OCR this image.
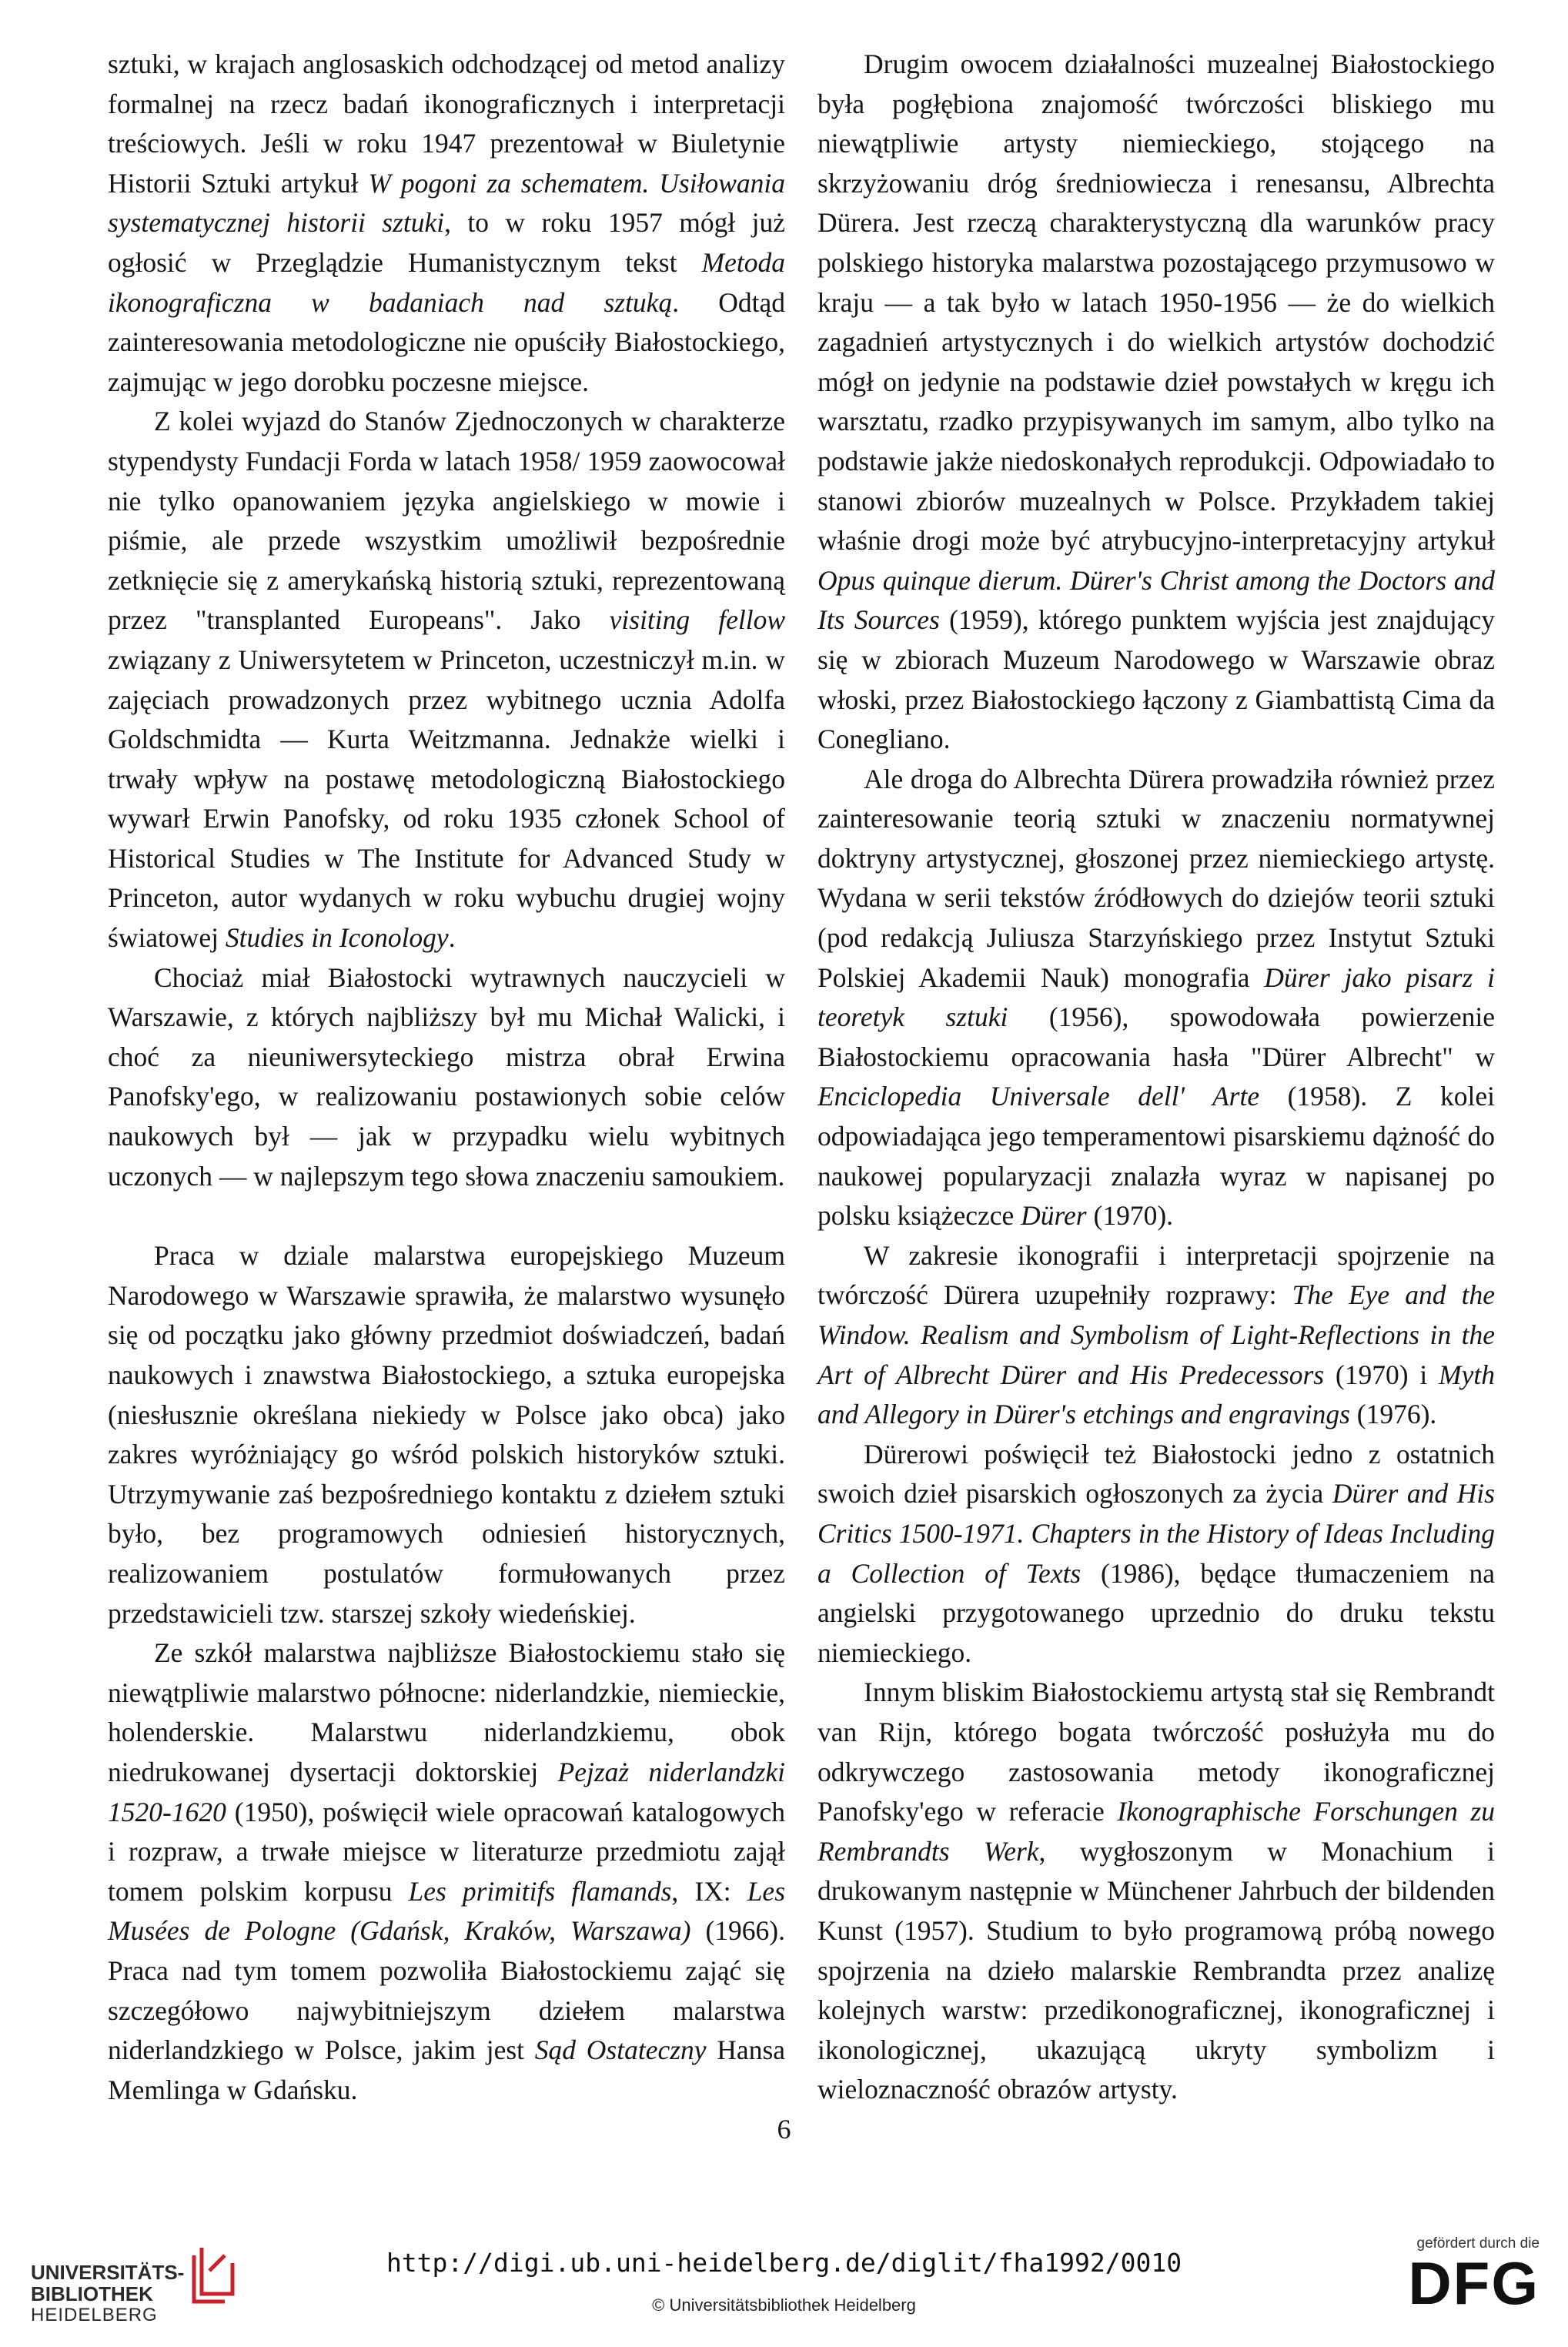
sztuki, w krajach anglosaskich odchodzącej od metod analizy formalnej na rzecz badań ikonograficznych i interpretacji treściowych. Jeśli w roku 1947 prezentował w Biuletynie Historii Sztuki artykuł W pogoni za schematem. Usiłowania systematycznej historii sztuki, to w roku 1957 mógł już ogłosić w Przeglądzie Humanistycznym tekst Metoda ikonograficzna w badaniach nad sztuką. Odtąd zainteresowania metodologiczne nie opuściły Białostockiego, zajmując w jego dorobku poczesne miejsce.

Z kolei wyjazd do Stanów Zjednoczonych w charakterze stypendysty Fundacji Forda w latach 1958/ 1959 zaowocował nie tylko opanowaniem języka angielskiego w mowie i piśmie, ale przede wszystkim umożliwił bezpośrednie zetknięcie się z amerykańską historią sztuki, reprezentowaną przez "transplanted Europeans". Jako visiting fellow związany z Uniwersytetem w Princeton, uczestniczył m.in. w zajęciach prowadzonych przez wybitnego ucznia Adolfa Goldschmidta — Kurta Weitzmanna. Jednakże wielki i trwały wpływ na postawę metodologiczną Białostockiego wywarł Erwin Panofsky, od roku 1935 członek School of Historical Studies w The Institute for Advanced Study w Princeton, autor wydanych w roku wybuchu drugiej wojny światowej Studies in Iconology.

Chociaż miał Białostocki wytrawnych nauczycieli w Warszawie, z których najbliższy był mu Michał Walicki, i choć za nieuniwersyteckiego mistrza obrał Erwina Panofsky'ego, w realizowaniu postawionych sobie celów naukowych był — jak w przypadku wielu wybitnych uczonych — w najlepszym tego słowa znaczeniu samoukiem.

Praca w dziale malarstwa europejskiego Muzeum Narodowego w Warszawie sprawiła, że malarstwo wysunęło się od początku jako główny przedmiot doświadczeń, badań naukowych i znawstwa Białostockiego, a sztuka europejska (niesłusznie określana niekiedy w Polsce jako obca) jako zakres wyróżniający go wśród polskich historyków sztuki. Utrzymywanie zaś bezpośredniego kontaktu z dziełem sztuki było, bez programowych odniesień historycznych, realizowaniem postulatów formułowanych przez przedstawicieli tzw. starszej szkoły wiedeńskiej.

Ze szkół malarstwa najbliższe Białostockiemu stało się niewątpliwie malarstwo północne: niderlandzkie, niemieckie, holenderskie. Malarstwu niderlandzkiemu, obok niedrukowanej dysertacji doktorskiej Pejzaż niderlandzki 1520-1620 (1950), poświęcił wiele opracowań katalogowych i rozpraw, a trwałe miejsce w literaturze przedmiotu zajął tomem polskim korpusu Les primitifs flamands, IX: Les Musées de Pologne (Gdańsk, Kraków, Warszawa) (1966). Praca nad tym tomem pozwoliła Białostockiemu zająć się szczegółowo najwybitniejszym dziełem malarstwa niderlandzkiego w Polsce, jakim jest Sąd Ostateczny Hansa Memlinga w Gdańsku.

Drugim owocem działalności muzealnej Białostockiego była pogłębiona znajomość twórczości bliskiego mu niewątpliwie artysty niemieckiego, stojącego na skrzyżowaniu dróg średniowiecza i renesansu, Albrechta Dürera. Jest rzeczą charakterystyczną dla warunków pracy polskiego historyka malarstwa pozostającego przymusowo w kraju — a tak było w latach 1950-1956 — że do wielkich zagadnień artystycznych i do wielkich artystów dochodzić mógł on jedynie na podstawie dzieł powstałych w kręgu ich warsztatu, rzadko przypisywanych im samym, albo tylko na podstawie jakże niedoskonałych reprodukcji. Odpowiadało to stanowi zbiorów muzealnych w Polsce. Przykładem takiej właśnie drogi może być atrybucyjno-interpretacyjny artykuł Opus quinque dierum. Dürer's Christ among the Doctors and Its Sources (1959), którego punktem wyjścia jest znajdujący się w zbiorach Muzeum Narodowego w Warszawie obraz włoski, przez Białostockiego łączony z Giambattistą Cima da Conegliano.

Ale droga do Albrechta Dürera prowadziła również przez zainteresowanie teorią sztuki w znaczeniu normatywnej doktryny artystycznej, głoszonej przez niemieckiego artystę. Wydana w serii tekstów źródłowych do dziejów teorii sztuki (pod redakcją Juliusza Starzyńskiego przez Instytut Sztuki Polskiej Akademii Nauk) monografia Dürer jako pisarz i teoretyk sztuki (1956), spowodowała powierzenie Białostockiemu opracowania hasła "Dürer Albrecht" w Enciclopedia Universale dell' Arte (1958). Z kolei odpowiadająca jego temperamentowi pisarskiemu dążność do naukowej popularyzacji znalazła wyraz w napisanej po polsku książeczce Dürer (1970).

W zakresie ikonografii i interpretacji spojrzenie na twórczość Dürera uzupełniły rozprawy: The Eye and the Window. Realism and Symbolism of Light-Reflections in the Art of Albrecht Dürer and His Predecessors (1970) i Myth and Allegory in Dürer's etchings and engravings (1976).

Dürerowi poświęcił też Białostocki jedno z ostatnich swoich dzieł pisarskich ogłoszonych za życia Dürer and His Critics 1500-1971. Chapters in the History of Ideas Including a Collection of Texts (1986), będące tłumaczeniem na angielski przygotowanego uprzednio do druku tekstu niemieckiego.

Innym bliskim Białostockiemu artystą stał się Rembrandt van Rijn, którego bogata twórczość posłużyła mu do odkrywczego zastosowania metody ikonograficznej Panofsky'ego w referacie Ikonographische Forschungen zu Rembrandts Werk, wygłoszonym w Monachium i drukowanym następnie w Münchener Jahrbuch der bildenden Kunst (1957). Studium to było programową próbą nowego spojrzenia na dzieło malarskie Rembrandta przez analizę kolejnych warstw: przedikonograficznej, ikonograficznej i ikonologicznej, ukazującą ukryty symbolizm i wieloznaczność obrazów artysty.

6
UNIVERSITÄTS-
BIBLIOTHEK
HEIDELBERG
http://digi.ub.uni-heidelberg.de/diglit/fha1992/0010
© Universitätsbibliothek Heidelberg
gefördert durch die
DFG
